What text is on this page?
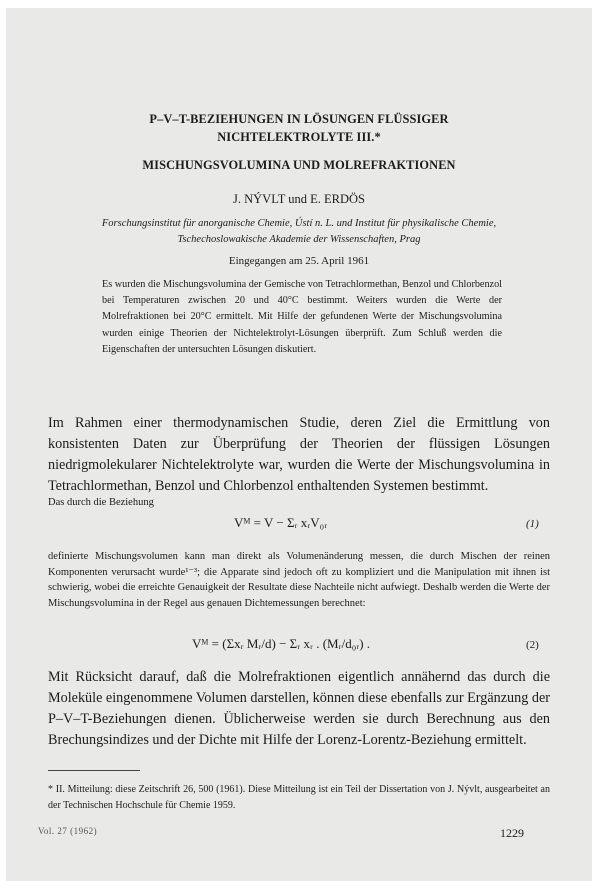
P–V–T-BEZIEHUNGEN IN LÖSUNGEN FLÜSSIGER
NICHTELEKTROLYTE III.*
MISCHUNGSVOLUMINA UND MOLREFRAKTIONEN
J. NÝVLT und E. ERDÖS
Forschungsinstitut für anorganische Chemie, Ústí n. L. und Institut für physikalische Chemie,
Tschechoslowakische Akademie der Wissenschaften, Prag
Eingegangen am 25. April 1961
Es wurden die Mischungsvolumina der Gemische von Tetrachlormethan, Benzol und Chlorbenzol bei Temperaturen zwischen 20 und 40°C bestimmt. Weiters wurden die Werte der Molrefraktionen bei 20°C ermittelt. Mit Hilfe der gefundenen Werte der Mischungsvolumina wurden einige Theorien der Nichtelektrolyt-Lösungen überprüft. Zum Schluß werden die Eigenschaften der untersuchten Lösungen diskutiert.
Im Rahmen einer thermodynamischen Studie, deren Ziel die Ermittlung von konsistenten Daten zur Überprüfung der Theorien der flüssigen Lösungen niedrigmolekularer Nichtelektrolyte war, wurden die Werte der Mischungsvolumina in Tetrachlormethan, Benzol und Chlorbenzol enthaltenden Systemen bestimmt.
Das durch die Beziehung
Vᴹ = V − Σᵣ xᵣV₀ᵣ	(1)
definierte Mischungsvolumen kann man direkt als Volumenänderung messen, die durch Mischen der reinen Komponenten verursacht wurde¹⁻³; die Apparate sind jedoch oft zu kompliziert und die Manipulation mit ihnen ist schwierig, wobei die erreichte Genauigkeit der Resultate diese Nachteile nicht aufwiegt. Deshalb werden die Werte der Mischungsvolumina in der Regel aus genauen Dichtemessungen berechnet:
Vᴹ = (Σxᵣ Mᵣ/d) − Σᵣ xᵣ . (Mᵣ/d₀ᵣ) .	(2)
Mit Rücksicht darauf, daß die Molrefraktionen eigentlich annähernd das durch die Moleküle eingenommene Volumen darstellen, können diese ebenfalls zur Ergänzung der P–V–T-Beziehungen dienen. Üblicherweise werden sie durch Berechnung aus den Brechungsindizes und der Dichte mit Hilfe der Lorenz-Lorentz-Beziehung ermittelt.
* II. Mitteilung: diese Zeitschrift 26, 500 (1961). Diese Mitteilung ist ein Teil der Dissertation von J. Nývlt, ausgearbeitet an der Technischen Hochschule für Chemie 1959.
Vol. 27 (1962)	1229
